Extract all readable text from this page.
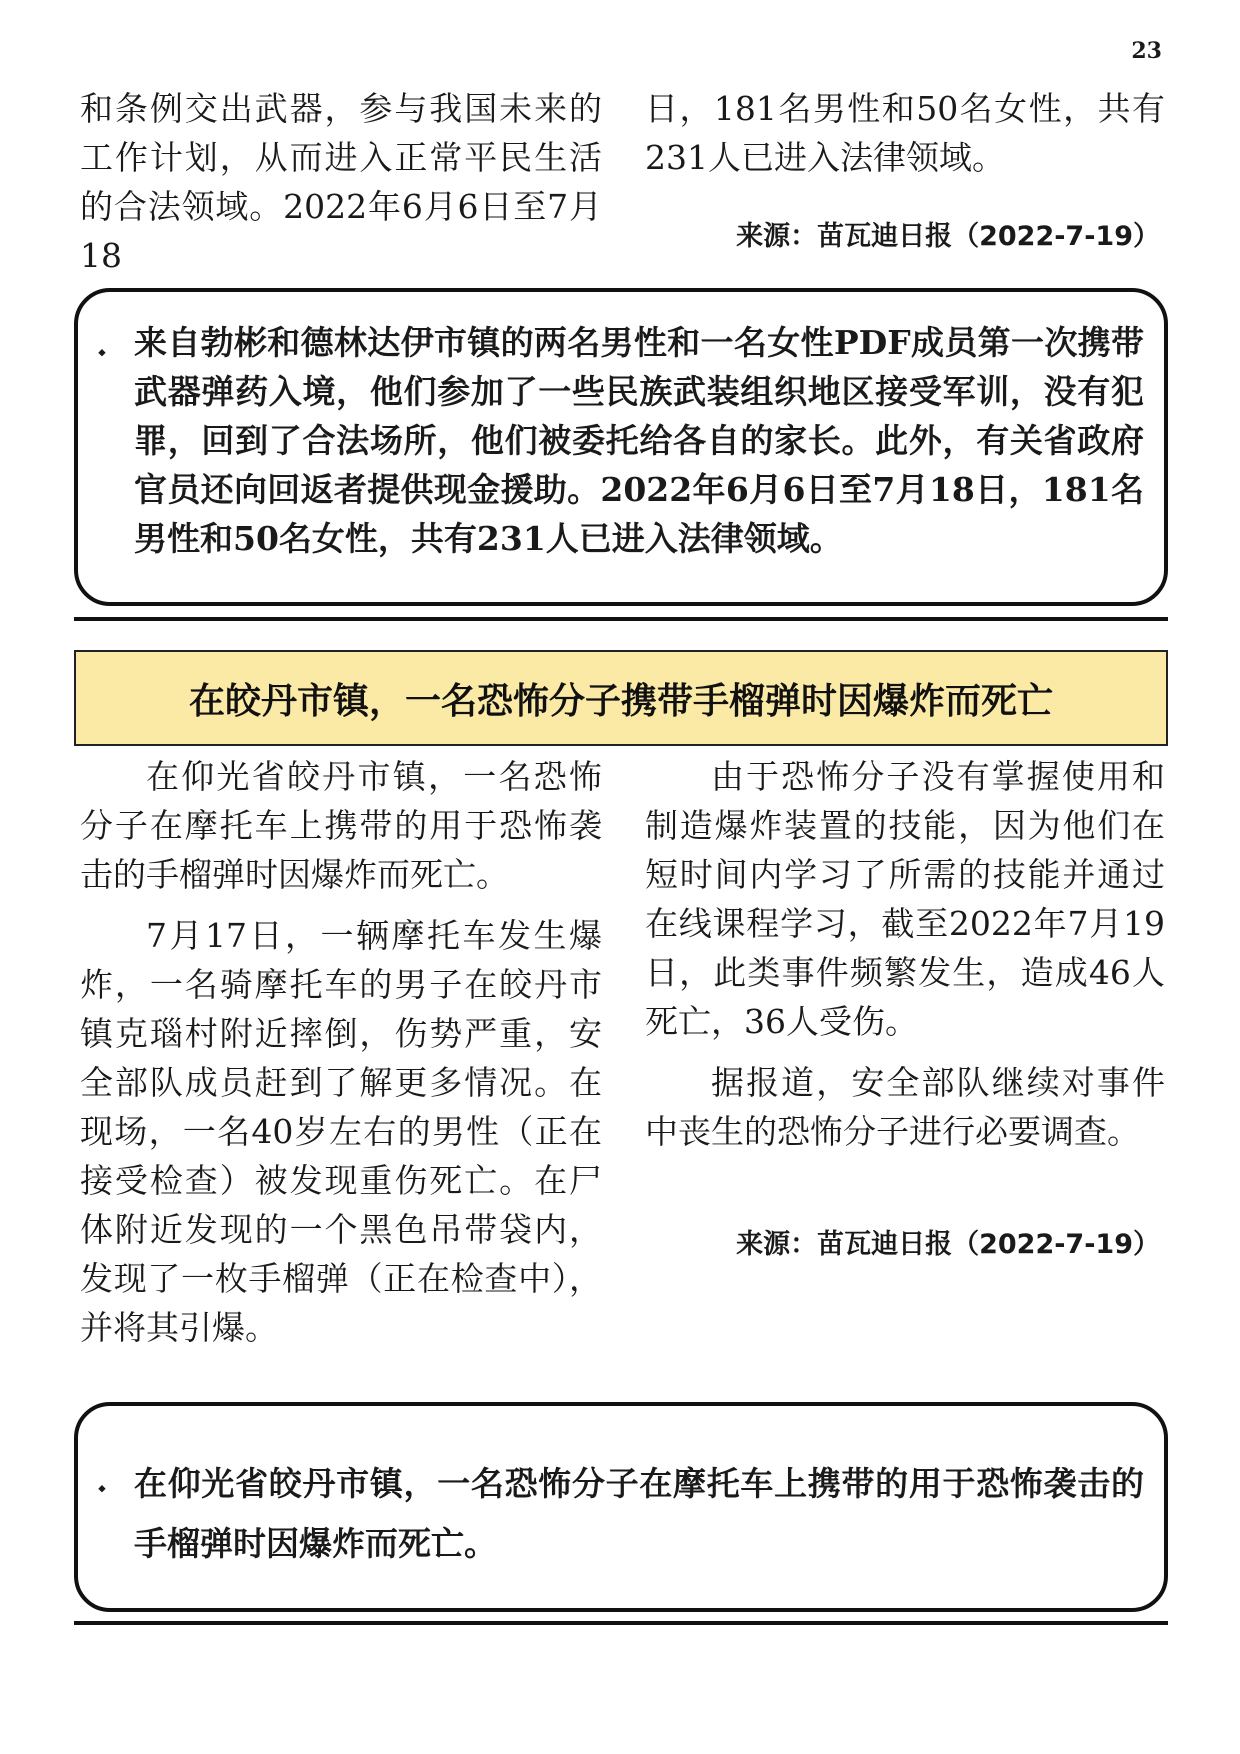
23

和条例交出武器，参与我国未来的工作计划，从而进入正常平民生活的合法领域。2022年6月6日至7月18

日，181名男性和50名女性，共有231人已进入法律领域。

来源：苗瓦迪日报（2022-7-19）
⬩ 来自勃彬和德林达伊市镇的两名男性和一名女性PDF成员第一次携带武器弹药入境，他们参加了一些民族武装组织地区接受军训，没有犯罪，回到了合法场所，他们被委托给各自的家长。此外，有关省政府官员还向回返者提供现金援助。2022年6月6日至7月18日，181名男性和50名女性，共有231人已进入法律领域。
在皎丹市镇，一名恐怖分子携带手榴弹时因爆炸而死亡

在仰光省皎丹市镇，一名恐怖分子在摩托车上携带的用于恐怖袭击的手榴弹时因爆炸而死亡。

7月17日，一辆摩托车发生爆炸，一名骑摩托车的男子在皎丹市镇克瑙村附近摔倒，伤势严重，安全部队成员赶到了解更多情况。在现场，一名40岁左右的男性（正在接受检查）被发现重伤死亡。在尸体附近发现的一个黑色吊带袋内，发现了一枚手榴弹（正在检查中），并将其引爆。

由于恐怖分子没有掌握使用和制造爆炸装置的技能，因为他们在短时间内学习了所需的技能并通过在线课程学习，截至2022年7月19日，此类事件频繁发生，造成46人死亡，36人受伤。

据报道，安全部队继续对事件中丧生的恐怖分子进行必要调查。

来源：苗瓦迪日报（2022-7-19）
⬩ 在仰光省皎丹市镇，一名恐怖分子在摩托车上携带的用于恐怖袭击的手榴弹时因爆炸而死亡。
